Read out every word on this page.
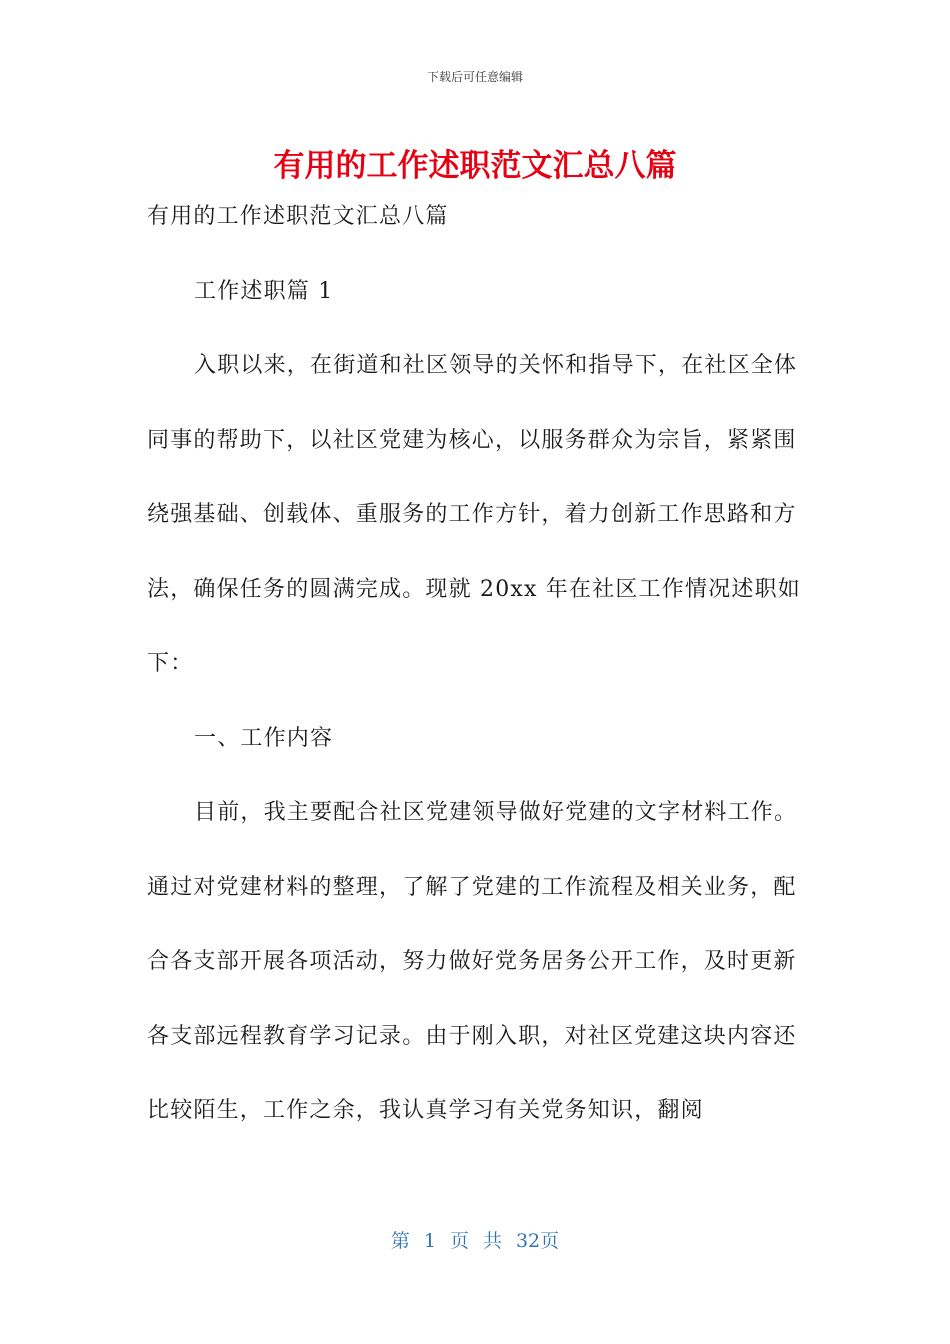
下载后可任意编辑
有用的工作述职范文汇总八篇

有用的工作述职范文汇总八篇

工作述职篇 1

入职以来，在街道和社区领导的关怀和指导下，在社区全体同事的帮助下，以社区党建为核心，以服务群众为宗旨，紧紧围绕强基础、创载体、重服务的工作方针，着力创新工作思路和方法，确保任务的圆满完成。现就 20xx 年在社区工作情况述职如下：

一、工作内容

目前，我主要配合社区党建领导做好党建的文字材料工作。通过对党建材料的整理，了解了党建的工作流程及相关业务，配合各支部开展各项活动，努力做好党务居务公开工作，及时更新各支部远程教育学习记录。由于刚入职，对社区党建这块内容还比较陌生，工作之余，我认真学习有关党务知识，翻阅

第 1 页 共 32页
